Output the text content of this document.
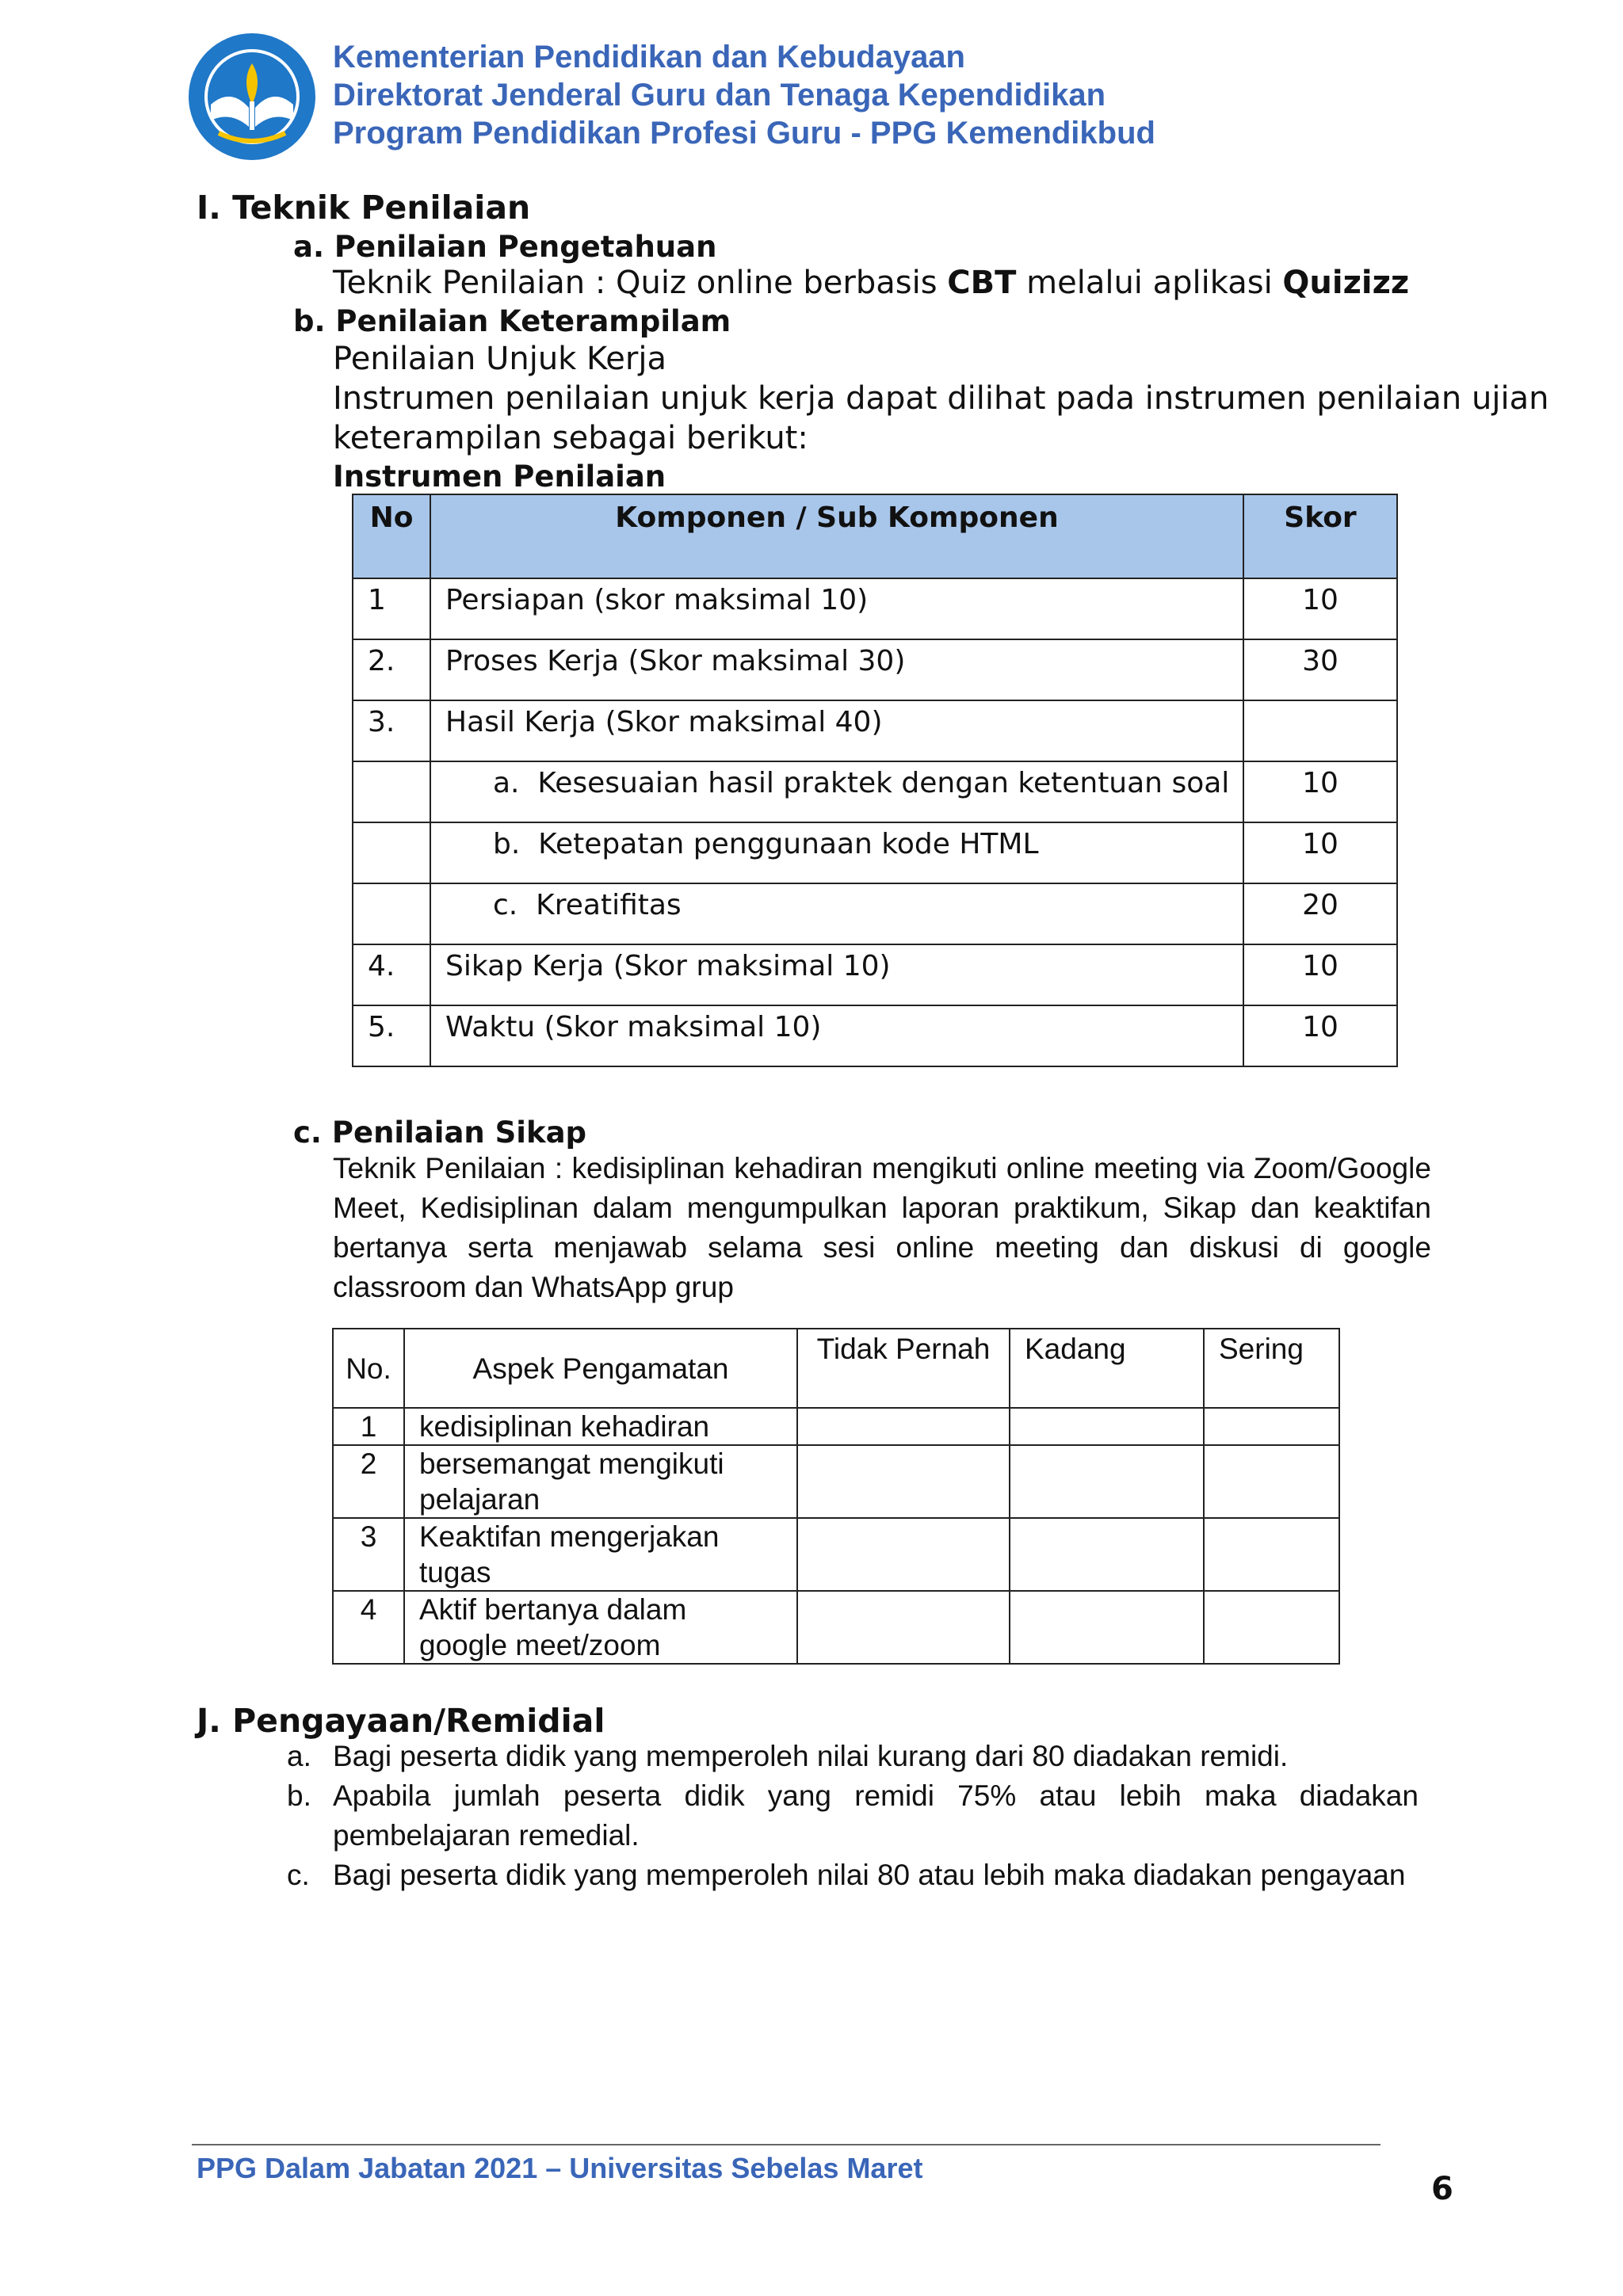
Kementerian Pendidikan dan Kebudayaan
Direktorat Jenderal Guru dan Tenaga Kependidikan
Program Pendidikan Profesi Guru - PPG Kemendikbud
I. Teknik Penilaian
a. Penilaian Pengetahuan
Teknik Penilaian : Quiz online berbasis CBT melalui aplikasi Quizizz
b. Penilaian Keterampilam
Penilaian Unjuk Kerja
Instrumen penilaian unjuk kerja dapat dilihat pada instrumen penilaian ujian
keterampilan sebagai berikut:
Instrumen Penilaian
No	Komponen / Sub Komponen	Skor
1	Persiapan (skor maksimal 10)	10
2.	Proses Kerja (Skor maksimal 30)	30
3.	Hasil Kerja (Skor maksimal 40)	
	a.  Kesesuaian hasil praktek dengan ketentuan soal	10
	b.  Ketepatan penggunaan kode HTML	10
	c.  Kreatifitas	20
4.	Sikap Kerja (Skor maksimal 10)	10
5.	Waktu (Skor maksimal 10)	10
c. Penilaian Sikap
Teknik Penilaian : kedisiplinan kehadiran mengikuti online meeting via Zoom/Google
Meet, Kedisiplinan dalam mengumpulkan laporan praktikum, Sikap dan keaktifan
bertanya serta menjawab selama sesi online meeting dan diskusi di google
classroom dan WhatsApp grup
No.	Aspek Pengamatan	Tidak Pernah	Kadang	Sering
1	kedisiplinan kehadiran			
2	bersemangat mengikuti pelajaran			
3	Keaktifan mengerjakan tugas			
4	Aktif bertanya dalam google meet/zoom			
J. Pengayaan/Remidial
a. Bagi peserta didik yang memperoleh nilai kurang dari 80 diadakan remidi.
b. Apabila jumlah peserta didik yang remidi 75% atau lebih maka diadakan
pembelajaran remedial.
c. Bagi peserta didik yang memperoleh nilai 80 atau lebih maka diadakan pengayaan
PPG Dalam Jabatan 2021 – Universitas Sebelas Maret
6
